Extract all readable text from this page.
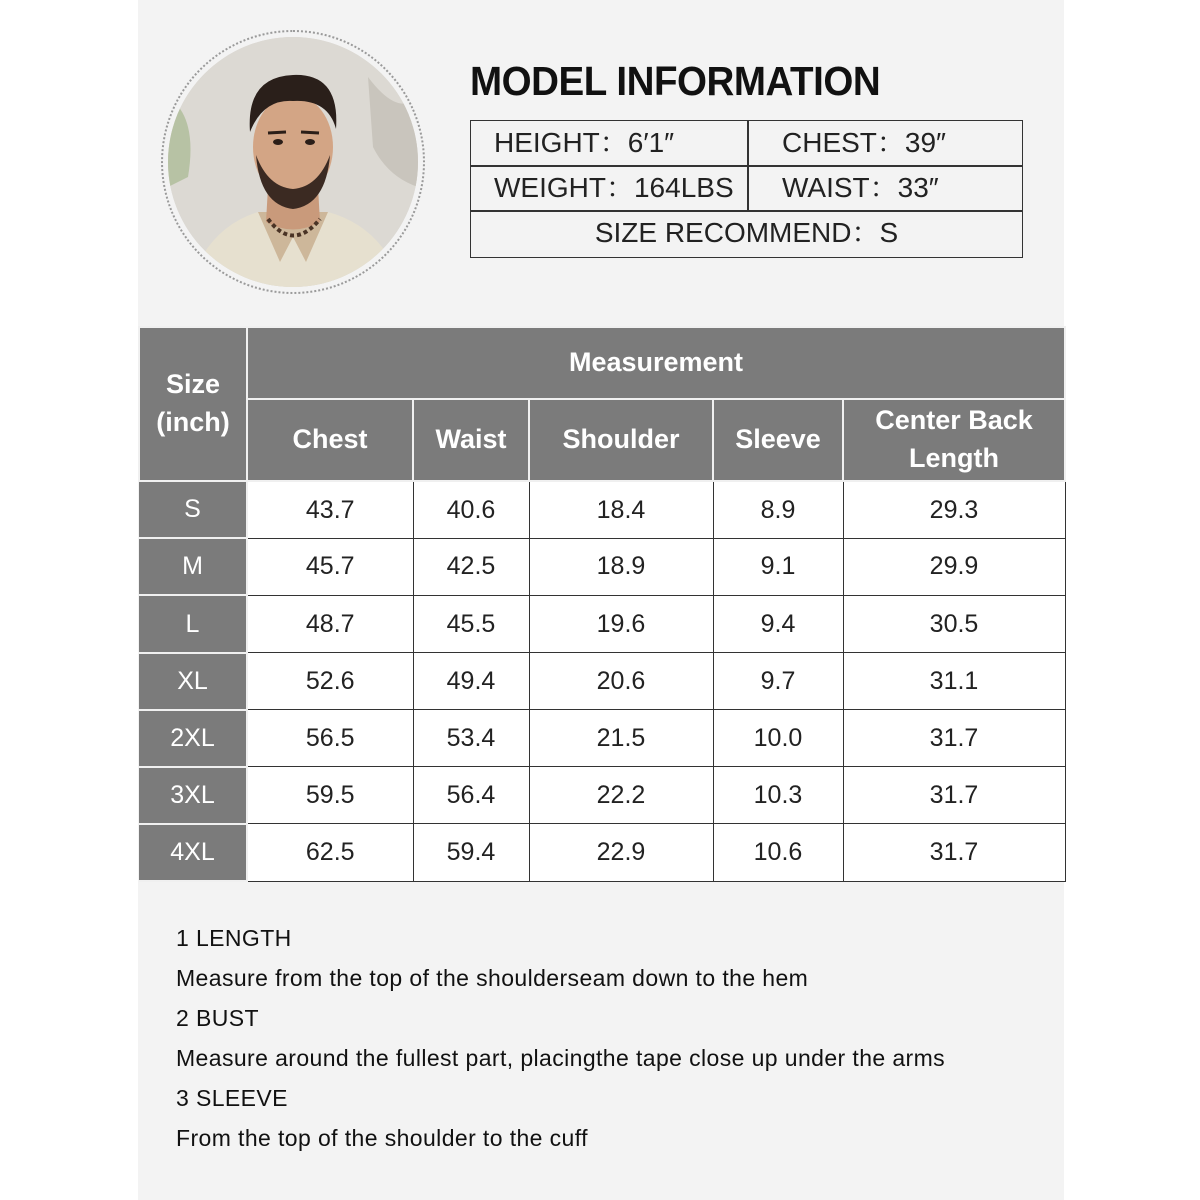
MODEL INFORMATION
HEIGHT：6′1″	CHEST：39″
WEIGHT：164LBS WAIST：33″
SIZE RECOMMEND：S
Size
(inch)	Measurement				
	Chest	Waist	Shoulder	Sleeve	Center Back
Length
S	43.7	40.6	18.4	8.9	29.3
M	45.7	42.5	18.9	9.1	29.9
L	48.7	45.5	19.6	9.4	30.5
XL	52.6	49.4	20.6	9.7	31.1
2XL	56.5	53.4	21.5	10.0	31.7
3XL	59.5	56.4	22.2	10.3	31.7
4XL	62.5	59.4	22.9	10.6	31.7
1 LENGTH
Measure from the top of the shoulderseam down to the hem
2 BUST
Measure around the fullest part, placingthe tape close up under the arms
3 SLEEVE
From the top of the shoulder to the cuff
